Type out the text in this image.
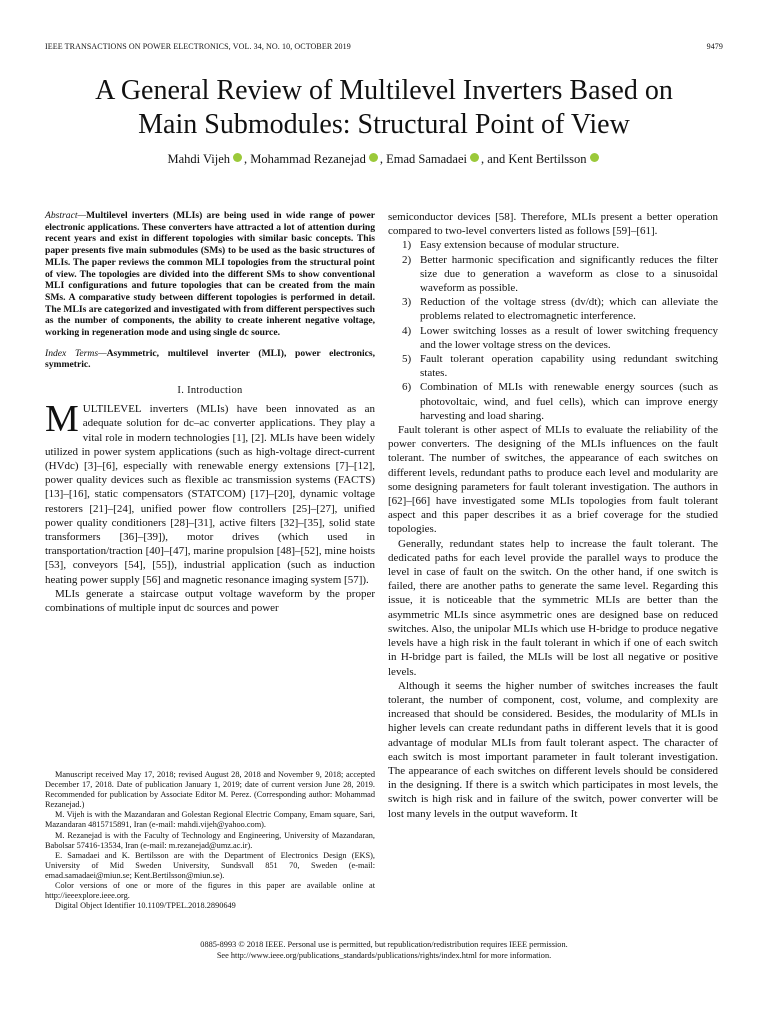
IEEE TRANSACTIONS ON POWER ELECTRONICS, VOL. 34, NO. 10, OCTOBER 2019	9479
A General Review of Multilevel Inverters Based on
Main Submodules: Structural Point of View
Mahdi Vijeh , Mohammad Rezanejad , Emad Samadaei , and Kent Bertilsson

Abstract—Multilevel inverters (MLIs) are being used in wide range of power electronic applications. These converters have attracted a lot of attention during recent years and exist in different topologies with similar basic concepts. This paper presents five main submodules (SMs) to be used as the basic structures of MLIs. The paper reviews the common MLI topologies from the structural point of view. The topologies are divided into the different SMs to show conventional MLI configurations and future topologies that can be created from the main SMs. A comparative study between different topologies is performed in detail. The MLIs are categorized and investigated with from different perspectives such as the number of components, the ability to create inherent negative voltage, working in regeneration mode and using single dc source.

Index Terms—Asymmetric, multilevel inverter (MLI), power electronics, symmetric.

I. Introduction

MULTILEVEL inverters (MLIs) have been innovated as an adequate solution for dc–ac converter applications. They play a vital role in modern technologies [1], [2]. MLIs have been widely utilized in power system applications (such as high-voltage direct-current (HVdc) [3]–[6], especially with renewable energy extensions [7]–[12], power quality devices such as flexible ac transmission systems (FACTS) [13]–[16], static compensators (STATCOM) [17]–[20], dynamic voltage restorers [21]–[24], unified power flow controllers [25]–[27], unified power quality conditioners [28]–[31], active filters [32]–[35], solid state transformers [36]–[39]), motor drives (which used in transportation/traction [40]–[47], marine propulsion [48]–[52], mine hoists [53], conveyors [54], [55]), industrial application (such as induction heating power supply [56] and magnetic resonance imaging system [57]).

MLIs generate a staircase output voltage waveform by the proper combinations of multiple input dc sources and power

Manuscript received May 17, 2018; revised August 28, 2018 and November 9, 2018; accepted December 17, 2018. Date of publication January 1, 2019; date of current version June 28, 2019. Recommended for publication by Associate Editor M. Perez. (Corresponding author: Mohammad Rezanejad.)

M. Vijeh is with the Mazandaran and Golestan Regional Electric Company, Emam square, Sari, Mazandaran 4815715891, Iran (e-mail: mahdi.vijeh@yahoo.com).

M. Rezanejad is with the Faculty of Technology and Engineering, University of Mazandaran, Babolsar 57416-13534, Iran (e-mail: m.rezanejad@umz.ac.ir).

E. Samadaei and K. Bertilsson are with the Department of Electronics Design (EKS), University of Mid Sweden University, Sundsvall 851 70, Sweden (e-mail: emad.samadaei@miun.se; Kent.Bertilsson@miun.se).

Color versions of one or more of the figures in this paper are available online at http://ieeexplore.ieee.org.

Digital Object Identifier 10.1109/TPEL.2018.2890649

semiconductor devices [58]. Therefore, MLIs present a better operation compared to two-level converters listed as follows [59]–[61].

1) Easy extension because of modular structure.
2) Better harmonic specification and significantly reduces the filter size due to generation a waveform as close to a sinusoidal waveform as possible.
3) Reduction of the voltage stress (dv/dt); which can alleviate the problems related to electromagnetic interference.
4) Lower switching losses as a result of lower switching frequency and the lower voltage stress on the devices.
5) Fault tolerant operation capability using redundant switching states.
6) Combination of MLIs with renewable energy sources (such as photovoltaic, wind, and fuel cells), which can improve energy harvesting and load sharing.

Fault tolerant is other aspect of MLIs to evaluate the reliability of the power converters. The designing of the MLIs influences on the fault tolerant. The number of switches, the appearance of each switches on different levels, redundant paths to produce each level and modularity are some designing parameters for fault tolerant investigation. The authors in [62]–[66] have investigated some MLIs topologies from fault tolerant aspect and this paper describes it as a brief coverage for the studied topologies.

Generally, redundant states help to increase the fault tolerant. The dedicated paths for each level provide the parallel ways to produce the level in case of fault on the switch. On the other hand, if one switch is failed, there are another paths to generate the same level. Regarding this issue, it is noticeable that the symmetric MLIs are better than the asymmetric MLIs since asymmetric ones are designed base on reduced switches. Also, the unipolar MLIs which use H-bridge to produce negative levels have a high risk in the fault tolerant in which if one of each switch in H-bridge part is failed, the MLIs will be lost all negative or positive levels.

Although it seems the higher number of switches increases the fault tolerant, the number of component, cost, volume, and complexity are increased that should be considered. Besides, the modularity of MLIs in higher levels can create redundant paths in different levels that it is good advantage of modular MLIs from fault tolerant aspect. The character of each switch is most important parameter in fault tolerant investigation. The appearance of each switches on different levels should be considered in the designing. If there is a switch which participates in most levels, the switch is high risk and in failure of the switch, power converter will be lost many levels in the output waveform. It

0885-8993 © 2018 IEEE. Personal use is permitted, but republication/redistribution requires IEEE permission.
See http://www.ieee.org/publications_standards/publications/rights/index.html for more information.
